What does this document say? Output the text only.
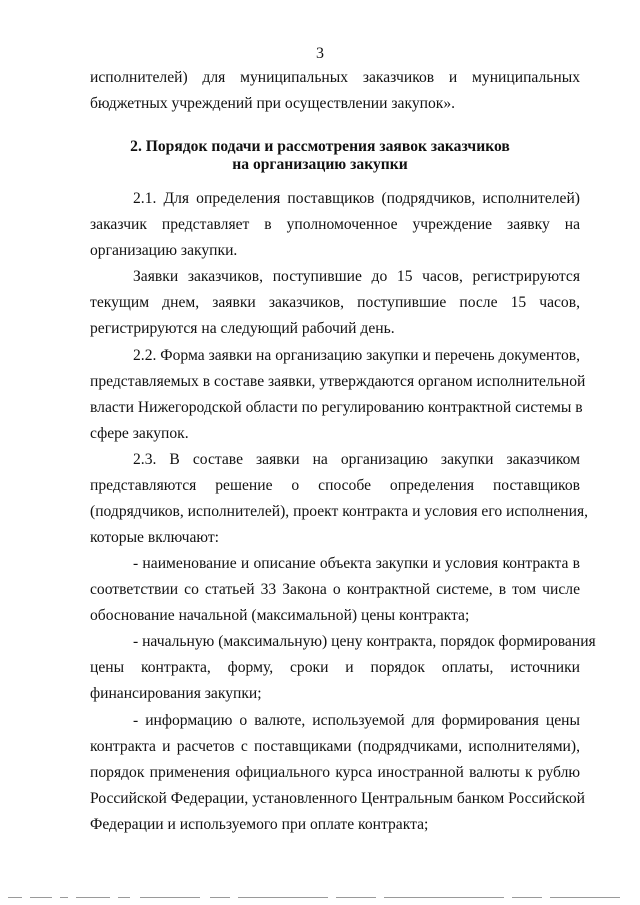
3
исполнителей) для муниципальных заказчиков и муниципальных
бюджетных учреждений при осуществлении закупок».
2. Порядок подачи и рассмотрения заявок заказчиков
на организацию закупки
2.1. Для определения поставщиков (подрядчиков, исполнителей)
заказчик представляет в уполномоченное учреждение заявку на
организацию закупки.
Заявки заказчиков, поступившие до 15 часов, регистрируются
текущим днем, заявки заказчиков, поступившие после 15 часов,
регистрируются на следующий рабочий день.
2.2. Форма заявки на организацию закупки и перечень документов,
представляемых в составе заявки, утверждаются органом исполнительной
власти Нижегородской области по регулированию контрактной системы в
сфере закупок.
2.3. В составе заявки на организацию закупки заказчиком
представляются решение о способе определения поставщиков
(подрядчиков, исполнителей), проект контракта и условия его исполнения,
которые включают:
- наименование и описание объекта закупки и условия контракта в
соответствии со статьей 33 Закона о контрактной системе, в том числе
обоснование начальной (максимальной) цены контракта;
- начальную (максимальную) цену контракта, порядок формирования
цены контракта, форму, сроки и порядок оплаты, источники
финансирования закупки;
- информацию о валюте, используемой для формирования цены
контракта и расчетов с поставщиками (подрядчиками, исполнителями),
порядок применения официального курса иностранной валюты к рублю
Российской Федерации, установленного Центральным банком Российской
Федерации и используемого при оплате контракта;
